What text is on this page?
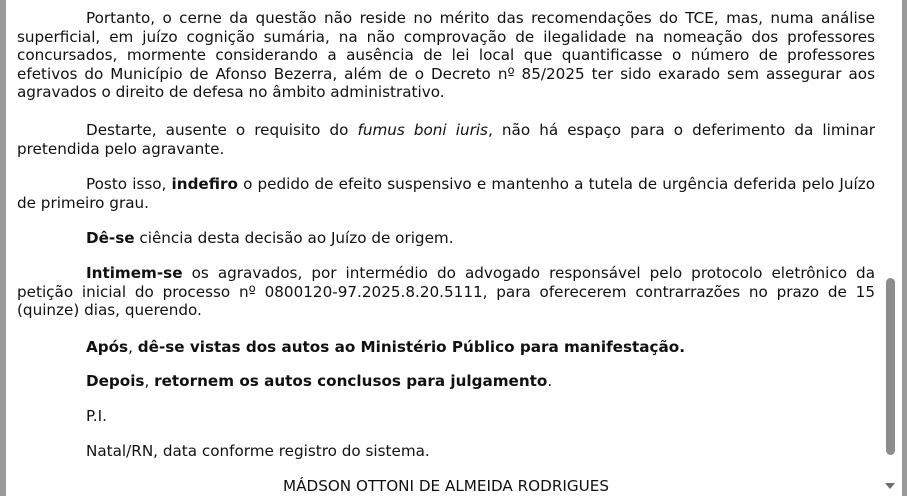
Portanto, o cerne da questão não reside no mérito das recomendações do TCE, mas, numa análise superficial, em juízo cognição sumária, na não comprovação de ilegalidade na nomeação dos professores concursados, mormente considerando a ausência de lei local que quantificasse o número de professores efetivos do Município de Afonso Bezerra, além de o Decreto nº 85/2025 ter sido exarado sem assegurar aos agravados o direito de defesa no âmbito administrativo.

Destarte, ausente o requisito do fumus boni iuris, não há espaço para o deferimento da liminar pretendida pelo agravante.

Posto isso, indefiro o pedido de efeito suspensivo e mantenho a tutela de urgência deferida pelo Juízo de primeiro grau.

Dê-se ciência desta decisão ao Juízo de origem.

Intimem-se os agravados, por intermédio do advogado responsável pelo protocolo eletrônico da petição inicial do processo nº 0800120-97.2025.8.20.5111, para oferecerem contrarrazões no prazo de 15 (quinze) dias, querendo.

Após, dê-se vistas dos autos ao Ministério Público para manifestação.

Depois, retornem os autos conclusos para julgamento.

P.I.

Natal/RN, data conforme registro do sistema.

MÁDSON OTTONI DE ALMEIDA RODRIGUES
